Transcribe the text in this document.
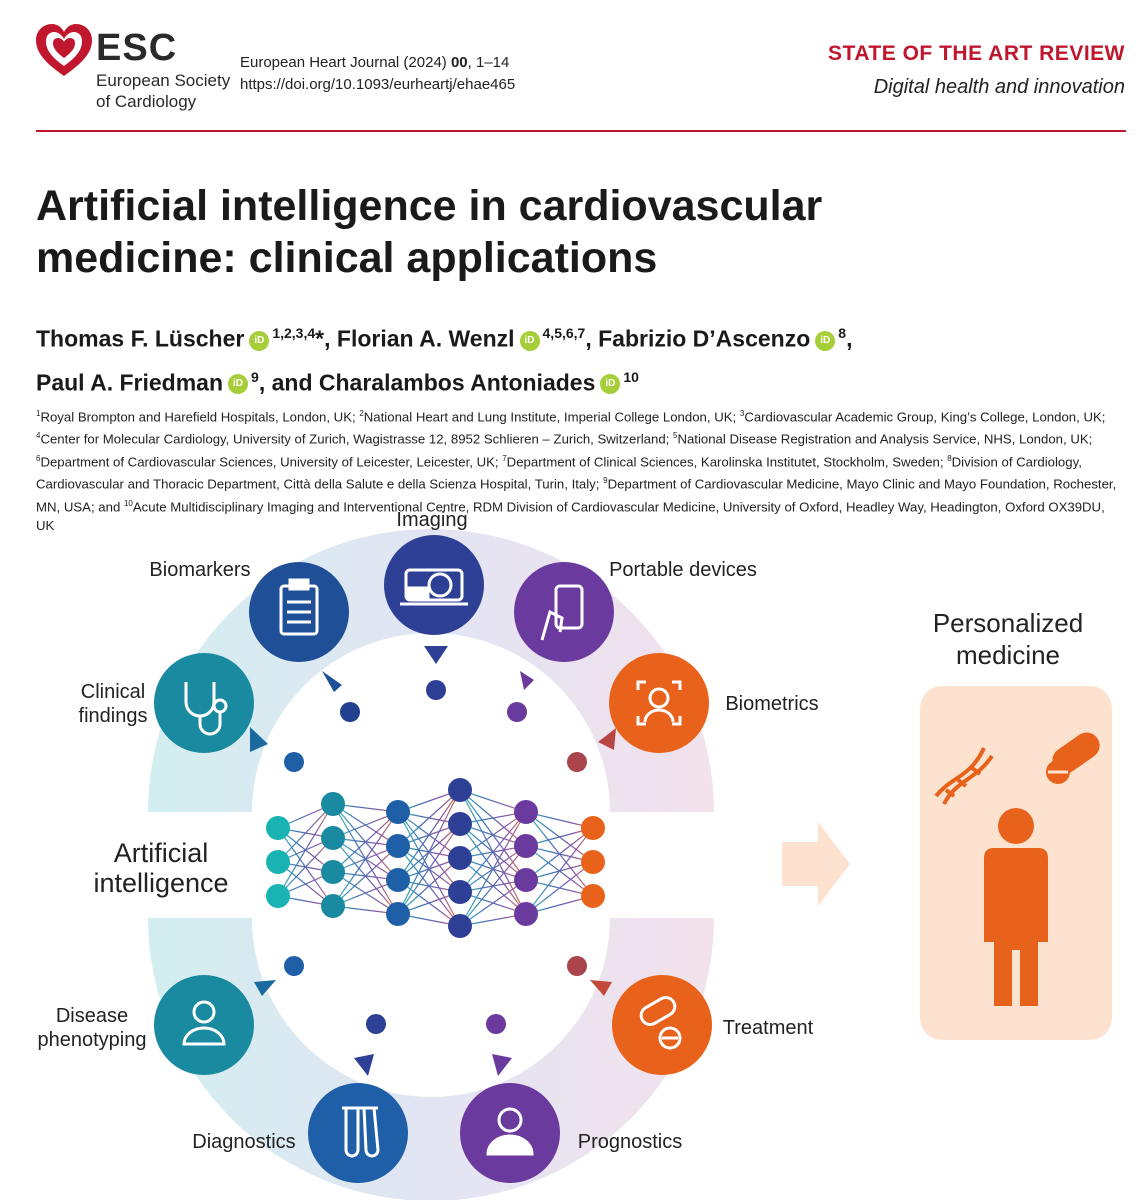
ESC
European Society
of Cardiology
European Heart Journal (2024) 00, 1–14
https://doi.org/10.1093/eurheartj/ehae465
STATE OF THE ART REVIEW
Digital health and innovation
Artificial intelligence in cardiovascular
medicine: clinical applications
Thomas F. Lüscher iD $^{1,2,3,4}$*, Florian A. Wenzl iD $^{4,5,6,7}$, Fabrizio D’Ascenzo iD $^8$,
Paul A. Friedman iD $^9$, and Charalambos Antoniades iD $^{10}$
$^1$Royal Brompton and Harefield Hospitals, London, UK; $^2$National Heart and Lung Institute, Imperial College London, UK; $^3$Cardiovascular Academic Group, King’s College, London, UK;
$^4$Center for Molecular Cardiology, University of Zurich, Wagistrasse 12, 8952 Schlieren – Zurich, Switzerland; $^5$National Disease Registration and Analysis Service, NHS, London, UK;
$^6$Department of Cardiovascular Sciences, University of Leicester, Leicester, UK; $^7$Department of Clinical Sciences, Karolinska Institutet, Stockholm, Sweden; $^8$Division of Cardiology, Cardiovascular and Thoracic Department, Città della Salute e della Scienza Hospital, Turin, Italy; $^9$Department of Cardiovascular Medicine, Mayo Clinic and Mayo Foundation, Rochester, MN, USA; and $^{10}$Acute Multidisciplinary Imaging and Interventional Centre, RDM Division of Cardiovascular Medicine, University of Oxford, Headley Way, Headington, Oxford OX39DU, UK
Artificial
intelligence
Imaging
Biomarkers	Portable devices
Clinical
findings
Biometrics
Disease
phenotyping
Treatment
Diagnostics	Prognostics
Personalized
medicine
